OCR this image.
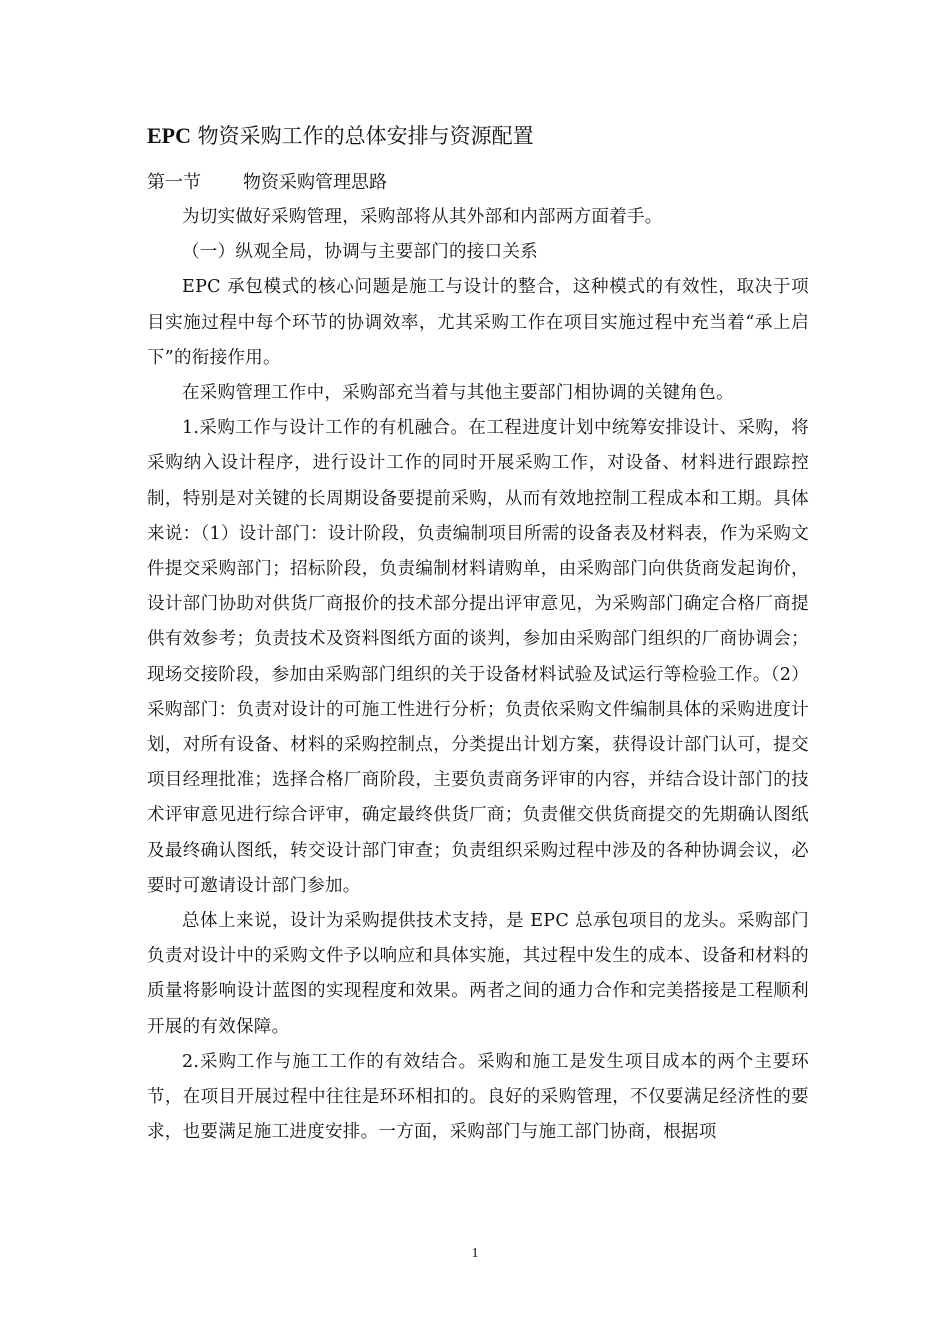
EPC 物资采购工作的总体安排与资源配置
第一节 物资采购管理思路

为切实做好采购管理，采购部将从其外部和内部两方面着手。

（一）纵观全局，协调与主要部门的接口关系

EPC 承包模式的核心问题是施工与设计的整合，这种模式的有效性，取决于项目实施过程中每个环节的协调效率，尤其采购工作在项目实施过程中充当着“承上启下”的衔接作用。

在采购管理工作中，采购部充当着与其他主要部门相协调的关键角色。

1.采购工作与设计工作的有机融合。在工程进度计划中统筹安排设计、采购，将采购纳入设计程序，进行设计工作的同时开展采购工作，对设备、材料进行跟踪控制，特别是对关键的长周期设备要提前采购，从而有效地控制工程成本和工期。具体来说：（1）设计部门：设计阶段，负责编制项目所需的设备表及材料表，作为采购文件提交采购部门；招标阶段，负责编制材料请购单，由采购部门向供货商发起询价，设计部门协助对供货厂商报价的技术部分提出评审意见，为采购部门确定合格厂商提供有效参考；负责技术及资料图纸方面的谈判，参加由采购部门组织的厂商协调会；现场交接阶段，参加由采购部门组织的关于设备材料试验及试运行等检验工作。（2）采购部门：负责对设计的可施工性进行分析；负责依采购文件编制具体的采购进度计划，对所有设备、材料的采购控制点，分类提出计划方案，获得设计部门认可，提交项目经理批准；选择合格厂商阶段，主要负责商务评审的内容，并结合设计部门的技术评审意见进行综合评审，确定最终供货厂商；负责催交供货商提交的先期确认图纸及最终确认图纸，转交设计部门审查；负责组织采购过程中涉及的各种协调会议，必要时可邀请设计部门参加。

总体上来说，设计为采购提供技术支持，是 EPC 总承包项目的龙头。采购部门负责对设计中的采购文件予以响应和具体实施，其过程中发生的成本、设备和材料的质量将影响设计蓝图的实现程度和效果。两者之间的通力合作和完美搭接是工程顺利开展的有效保障。

2.采购工作与施工工作的有效结合。采购和施工是发生项目成本的两个主要环节，在项目开展过程中往往是环环相扣的。良好的采购管理，不仅要满足经济性的要求，也要满足施工进度安排。一方面，采购部门与施工部门协商，根据项

1
